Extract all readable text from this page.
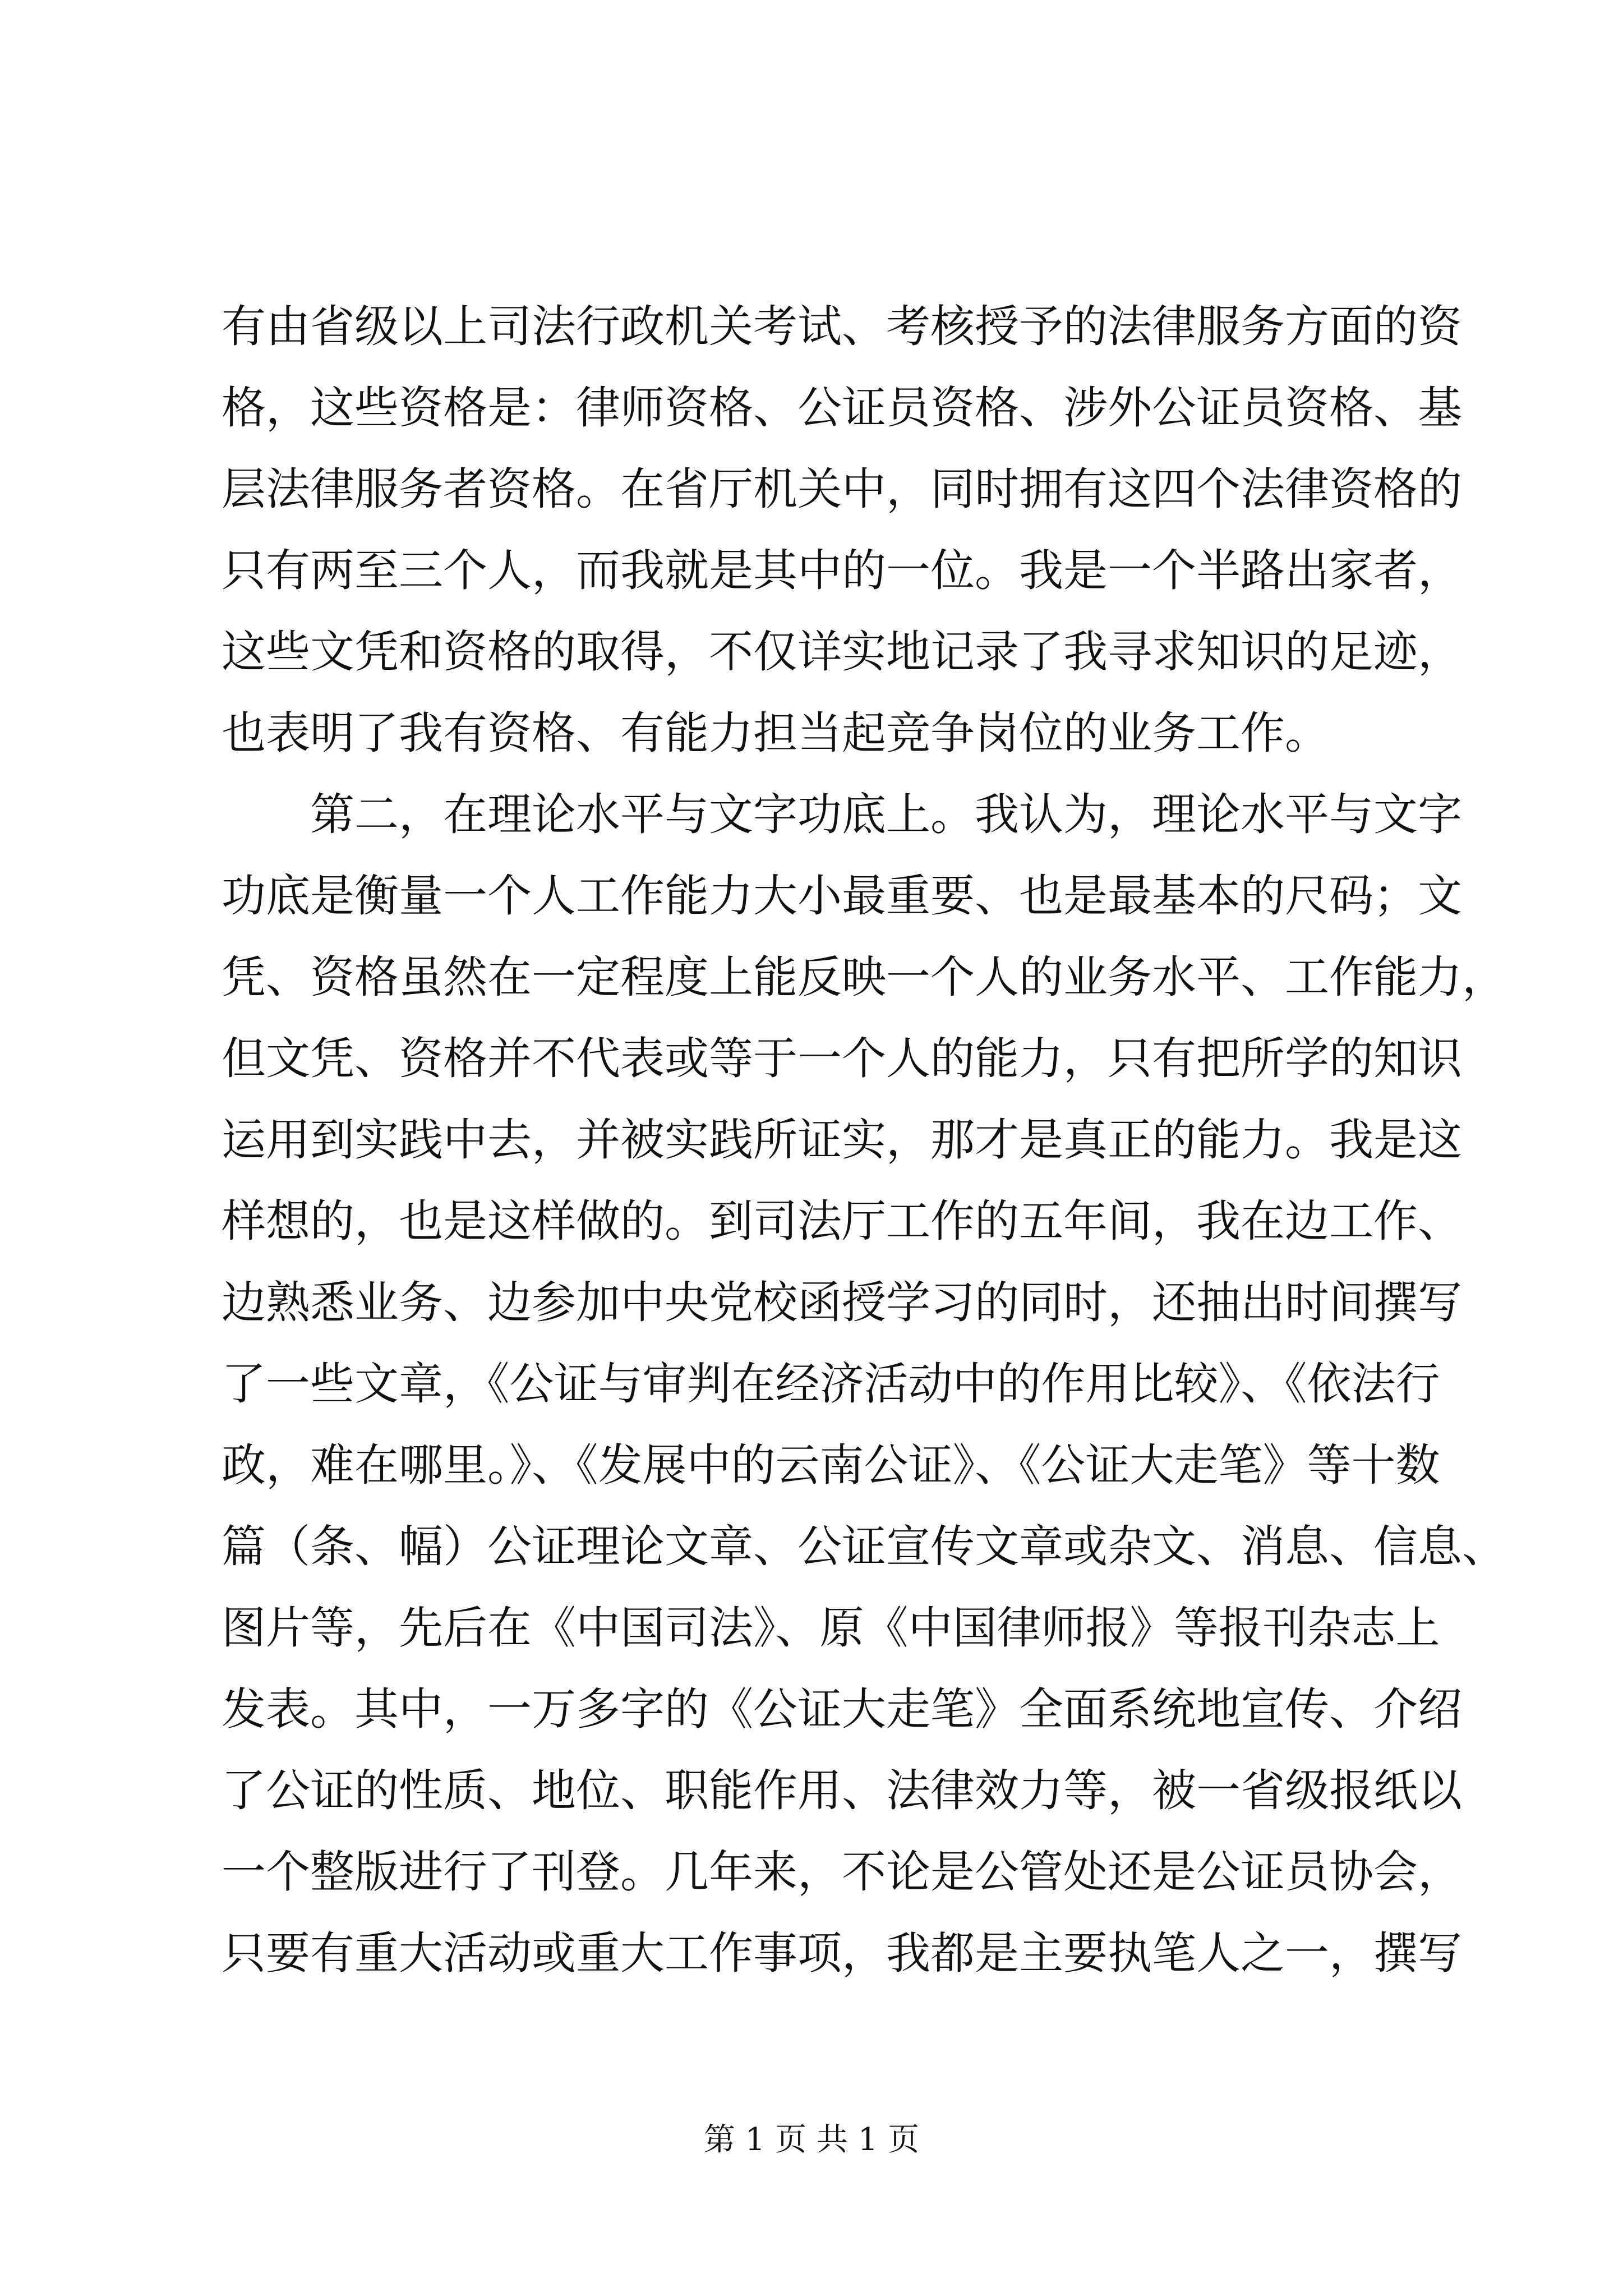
有由省级以上司法行政机关考试、考核授予的法律服务方面的资
格，这些资格是：律师资格、公证员资格、涉外公证员资格、基
层法律服务者资格。在省厅机关中，同时拥有这四个法律资格的
只有两至三个人，而我就是其中的一位。我是一个半路出家者，
这些文凭和资格的取得，不仅详实地记录了我寻求知识的足迹，
也表明了我有资格、有能力担当起竞争岗位的业务工作。
第二，在理论水平与文字功底上。我认为，理论水平与文字
功底是衡量一个人工作能力大小最重要、也是最基本的尺码；文
凭、资格虽然在一定程度上能反映一个人的业务水平、工作能力，
但文凭、资格并不代表或等于一个人的能力，只有把所学的知识
运用到实践中去，并被实践所证实，那才是真正的能力。我是这
样想的，也是这样做的。到司法厅工作的五年间，我在边工作、
边熟悉业务、边参加中央党校函授学习的同时，还抽出时间撰写
了一些文章，《公证与审判在经济活动中的作用比较》、《依法行
政，难在哪里。》、《发展中的云南公证》、《公证大走笔》等十数
篇（条、幅）公证理论文章、公证宣传文章或杂文、消息、信息、
图片等，先后在《中国司法》、原《中国律师报》等报刊杂志上
发表。其中，一万多字的《公证大走笔》全面系统地宣传、介绍
了公证的性质、地位、职能作用、法律效力等，被一省级报纸以
一个整版进行了刊登。几年来，不论是公管处还是公证员协会，
只要有重大活动或重大工作事项，我都是主要执笔人之一，撰写
第 1 页 共 1 页
